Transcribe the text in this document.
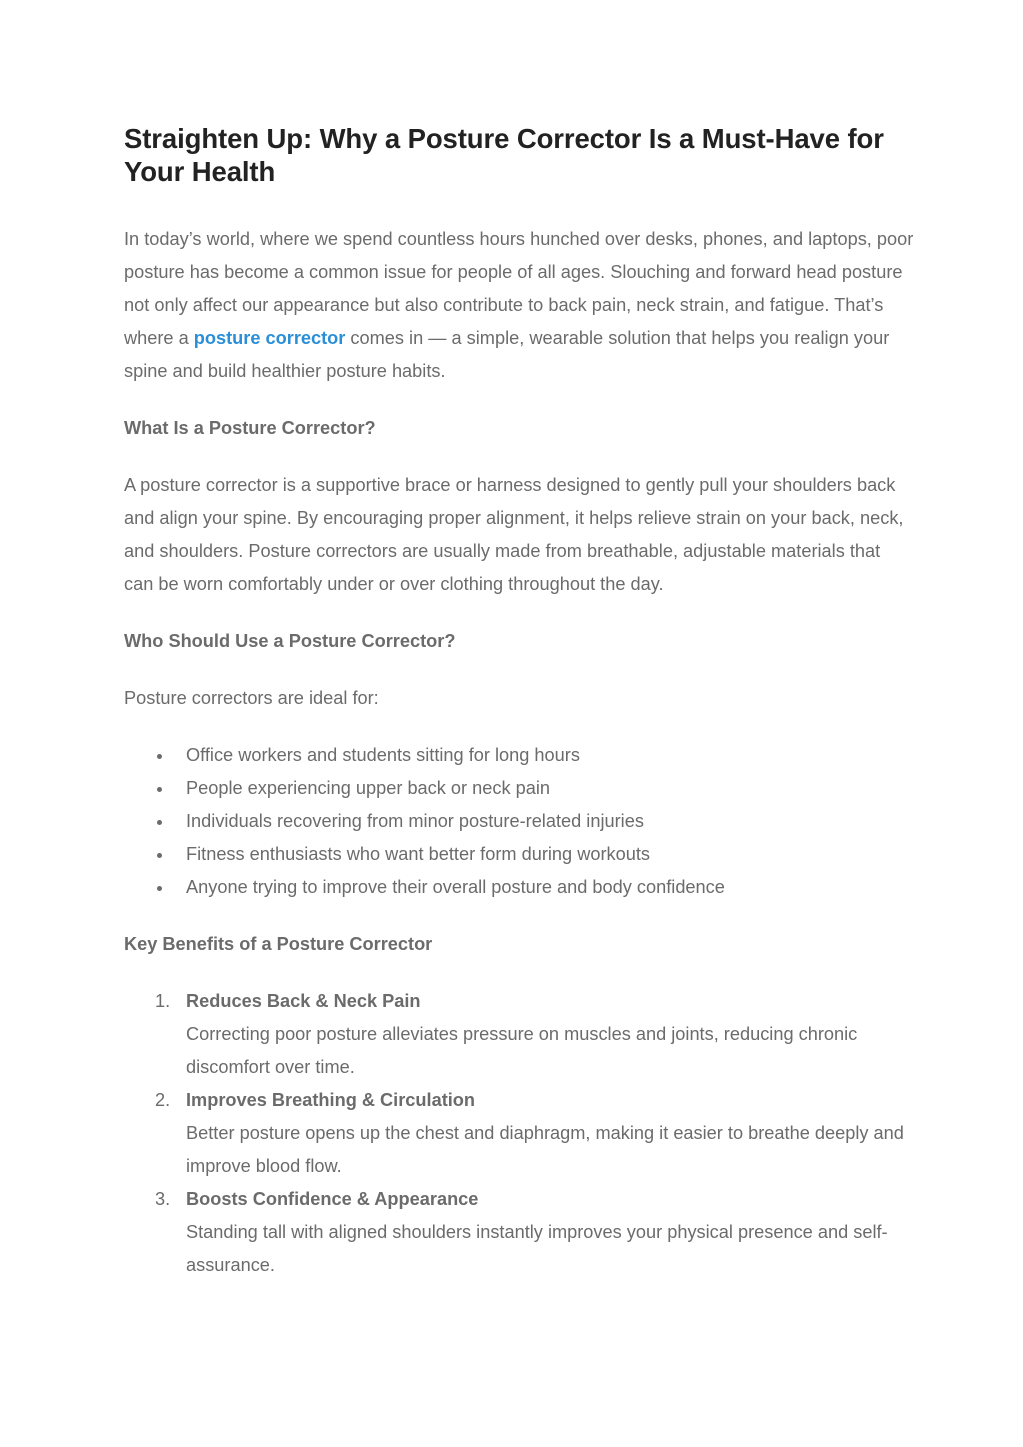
Straighten Up: Why a Posture Corrector Is a Must-Have for Your Health

In today’s world, where we spend countless hours hunched over desks, phones, and laptops, poor posture has become a common issue for people of all ages. Slouching and forward head posture not only affect our appearance but also contribute to back pain, neck strain, and fatigue. That’s where a posture corrector comes in — a simple, wearable solution that helps you realign your spine and build healthier posture habits.

What Is a Posture Corrector?

A posture corrector is a supportive brace or harness designed to gently pull your shoulders back and align your spine. By encouraging proper alignment, it helps relieve strain on your back, neck, and shoulders. Posture correctors are usually made from breathable, adjustable materials that can be worn comfortably under or over clothing throughout the day.

Who Should Use a Posture Corrector?

Posture correctors are ideal for:

Office workers and students sitting for long hours
People experiencing upper back or neck pain
Individuals recovering from minor posture-related injuries
Fitness enthusiasts who want better form during workouts
Anyone trying to improve their overall posture and body confidence
Key Benefits of a Posture Corrector
1. Reduces Back & Neck Pain
Correcting poor posture alleviates pressure on muscles and joints, reducing chronic discomfort over time.
2. Improves Breathing & Circulation
Better posture opens up the chest and diaphragm, making it easier to breathe deeply and improve blood flow.
3. Boosts Confidence & Appearance
Standing tall with aligned shoulders instantly improves your physical presence and self-assurance.
